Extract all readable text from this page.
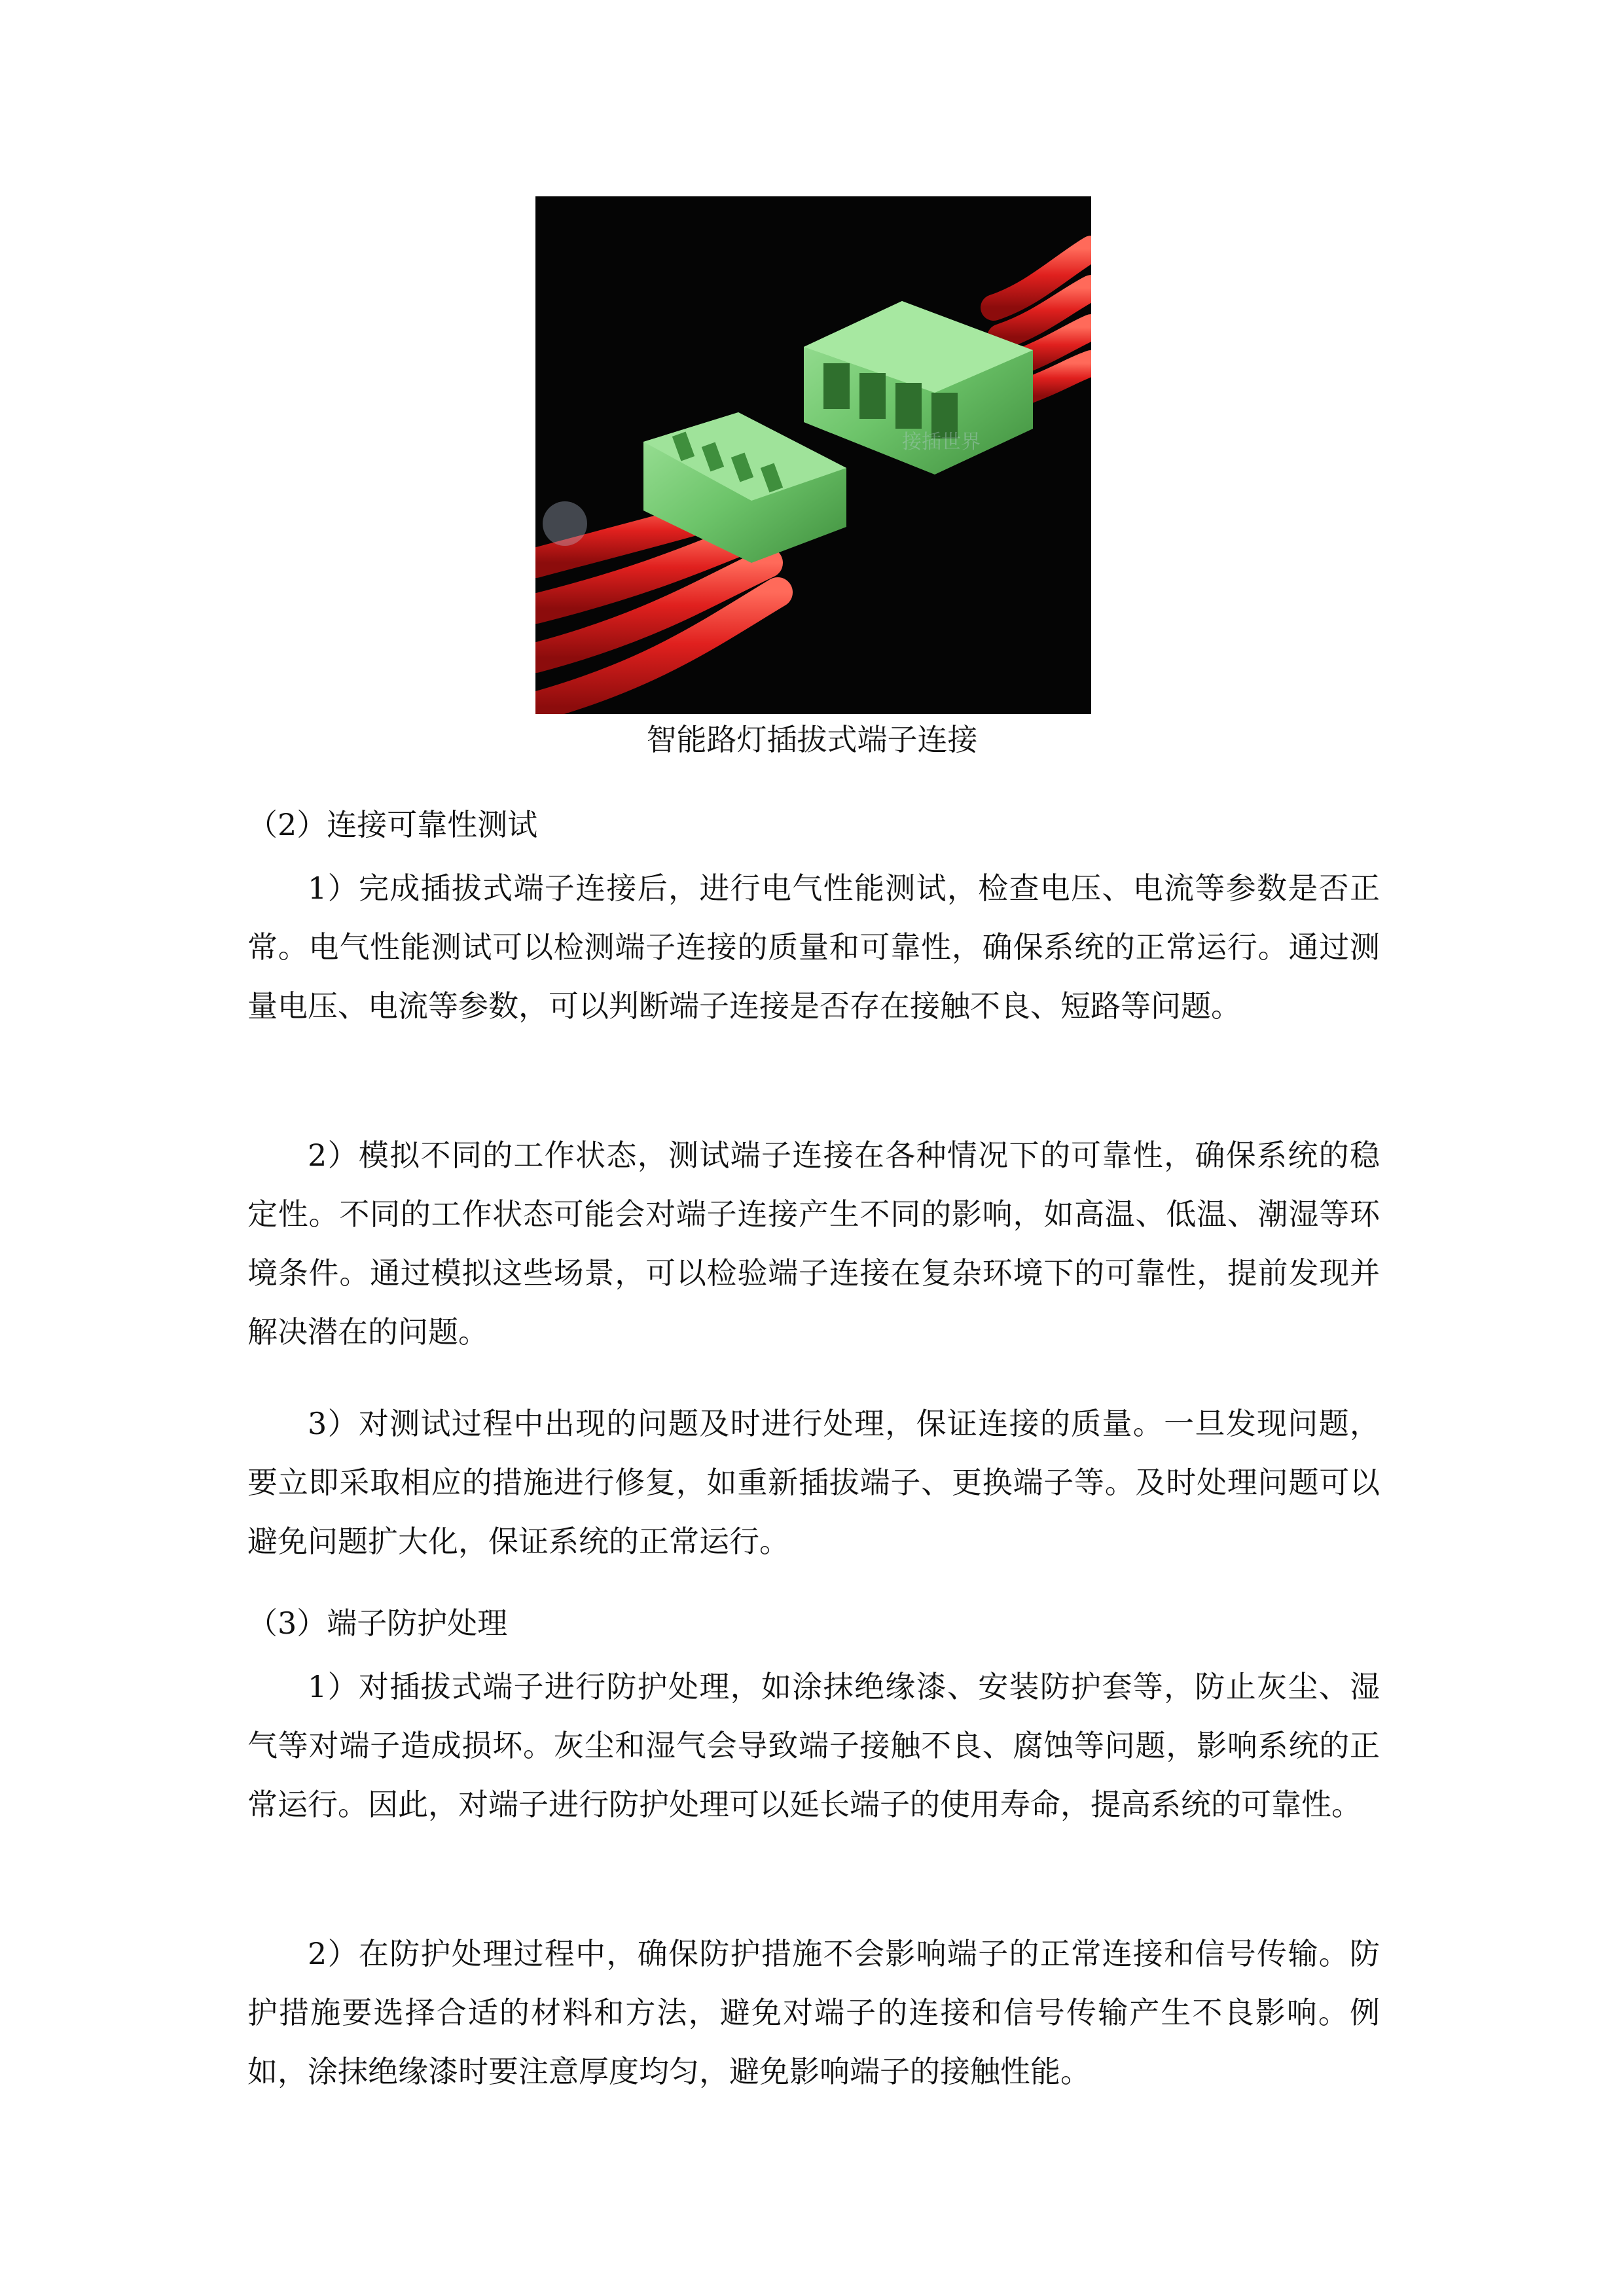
接插世界
智能路灯插拔式端子连接
（2）连接可靠性测试

1）完成插拔式端子连接后，进行电气性能测试，检查电压、电流等参数是否正常。电气性能测试可以检测端子连接的质量和可靠性，确保系统的正常运行。通过测量电压、电流等参数，可以判断端子连接是否存在接触不良、短路等问题。

2）模拟不同的工作状态，测试端子连接在各种情况下的可靠性，确保系统的稳定性。不同的工作状态可能会对端子连接产生不同的影响，如高温、低温、潮湿等环境条件。通过模拟这些场景，可以检验端子连接在复杂环境下的可靠性，提前发现并解决潜在的问题。

3）对测试过程中出现的问题及时进行处理，保证连接的质量。一旦发现问题，要立即采取相应的措施进行修复，如重新插拔端子、更换端子等。及时处理问题可以避免问题扩大化，保证系统的正常运行。

（3）端子防护处理

1）对插拔式端子进行防护处理，如涂抹绝缘漆、安装防护套等，防止灰尘、湿气等对端子造成损坏。灰尘和湿气会导致端子接触不良、腐蚀等问题，影响系统的正常运行。因此，对端子进行防护处理可以延长端子的使用寿命，提高系统的可靠性。

2）在防护处理过程中，确保防护措施不会影响端子的正常连接和信号传输。防护措施要选择合适的材料和方法，避免对端子的连接和信号传输产生不良影响。例如，涂抹绝缘漆时要注意厚度均匀，避免影响端子的接触性能。
